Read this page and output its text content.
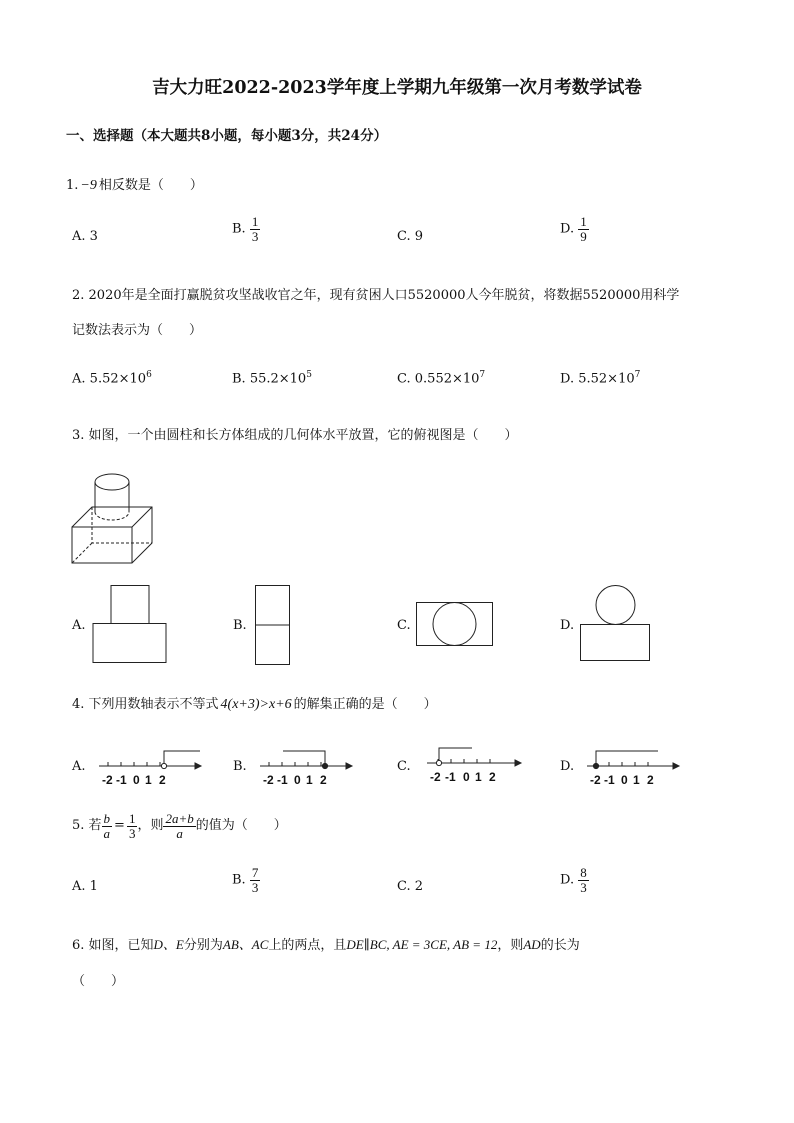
吉大力旺2022-2023学年度上学期九年级第一次月考数学试卷
一、选择题（本大题共8小题，每小题3分，共24分）
1. −9 相反数是（　　）
A. 3	B. $\frac{1}{3}$	C. 9	D. $\frac{1}{9}$
2. 2020年是全面打赢脱贫攻坚战收官之年，现有贫困人口5520000人今年脱贫，将数据5520000用科学
记数法表示为（　　）
A. $5.52\times 10^6$	B. $55.2\times 10^5$	C. $0.552\times 10^7$	D. $5.52\times 10^7$
3. 如图，一个由圆柱和长方体组成的几何体水平放置，它的俯视图是（　　）
A.	B.	C.	D.
4. 下列用数轴表示不等式 4(x+3)>x+6 的解集正确的是（　　）
A.
-2 -1 0 1 2
B.
-2 -1 0 1 2
C.
-2 -1 0 1 2
D.
-2 -1 0 1 2
5. 若 $\frac{b}{a} = \frac{1}{3}$ ，则 $\frac{2a+b}{a}$ 的值为（　　）
A. 1	B. $\frac{7}{3}$	C. 2	D. $\frac{8}{3}$
6. 如图，已知D、E分别为AB、AC上的两点，且DE∥BC, AE = 3CE, AB = 12，则AD的长为
（　　）
